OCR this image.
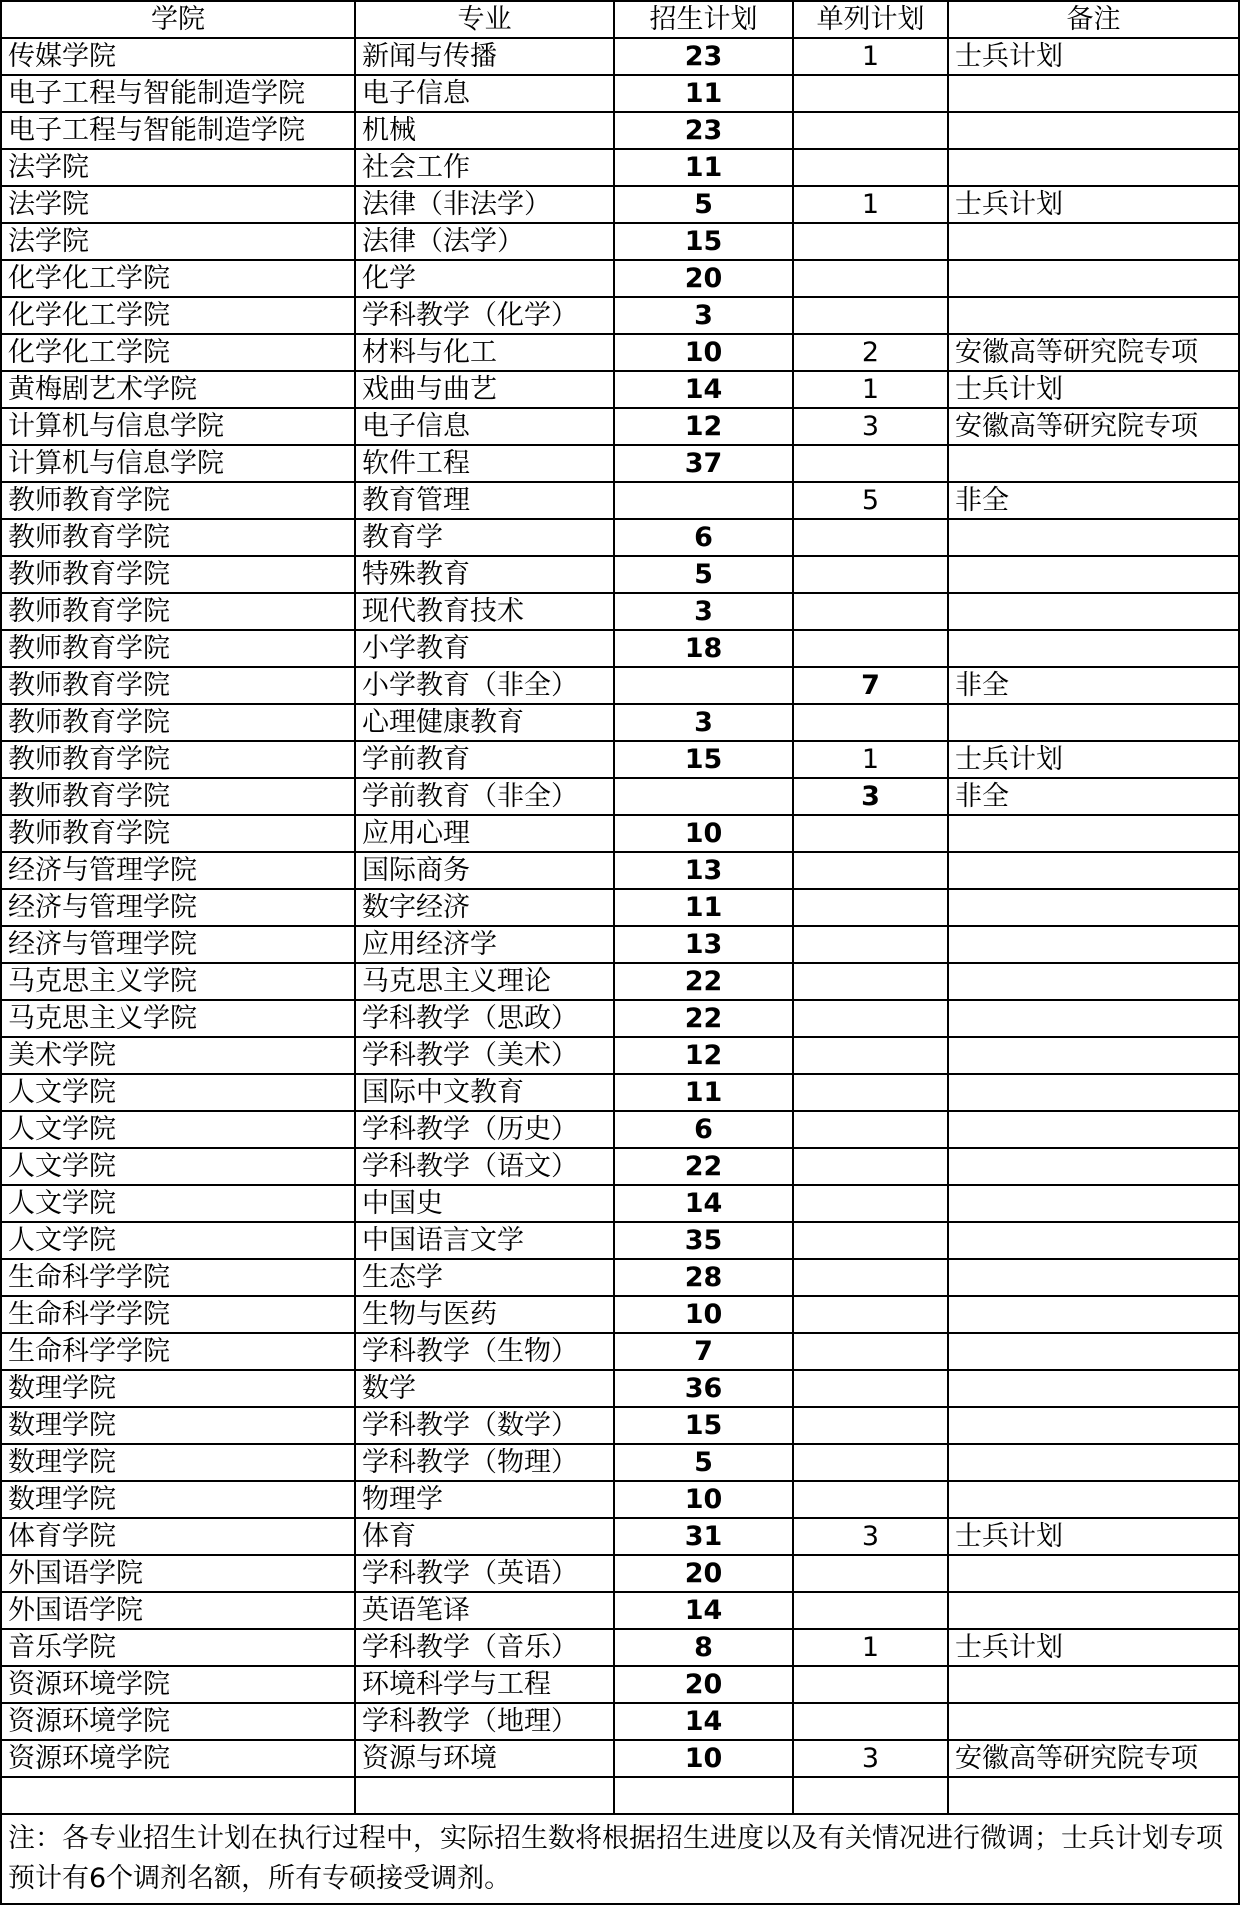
学院	专业	招生计划	单列计划	备注
传媒学院	新闻与传播	23	1	士兵计划
电子工程与智能制造学院	电子信息	11		
电子工程与智能制造学院	机械	23		
法学院	社会工作	11		
法学院	法律（非法学）	5	1	士兵计划
法学院	法律（法学）	15		
化学化工学院	化学	20		
化学化工学院	学科教学（化学）	3		
化学化工学院	材料与化工	10	2	安徽高等研究院专项
黄梅剧艺术学院	戏曲与曲艺	14	1	士兵计划
计算机与信息学院	电子信息	12	3	安徽高等研究院专项
计算机与信息学院	软件工程	37		
教师教育学院	教育管理		5	非全
教师教育学院	教育学	6		
教师教育学院	特殊教育	5		
教师教育学院	现代教育技术	3		
教师教育学院	小学教育	18		
教师教育学院	小学教育（非全）		7	非全
教师教育学院	心理健康教育	3		
教师教育学院	学前教育	15	1	士兵计划
教师教育学院	学前教育（非全）		3	非全
教师教育学院	应用心理	10		
经济与管理学院	国际商务	13		
经济与管理学院	数字经济	11		
经济与管理学院	应用经济学	13		
马克思主义学院	马克思主义理论	22		
马克思主义学院	学科教学（思政）	22		
美术学院	学科教学（美术）	12		
人文学院	国际中文教育	11		
人文学院	学科教学（历史）	6		
人文学院	学科教学（语文）	22		
人文学院	中国史	14		
人文学院	中国语言文学	35		
生命科学学院	生态学	28		
生命科学学院	生物与医药	10		
生命科学学院	学科教学（生物）	7		
数理学院	数学	36		
数理学院	学科教学（数学）	15		
数理学院	学科教学（物理）	5		
数理学院	物理学	10		
体育学院	体育	31	3	士兵计划
外国语学院	学科教学（英语）	20		
外国语学院	英语笔译	14		
音乐学院	学科教学（音乐）	8	1	士兵计划
资源环境学院	环境科学与工程	20		
资源环境学院	学科教学（地理）	14		
资源环境学院	资源与环境	10	3	安徽高等研究院专项

注：各专业招生计划在执行过程中，实际招生数将根据招生进度以及有关情况进行微调；士兵计划专项预计有6个调剂名额，所有专硕接受调剂。				
